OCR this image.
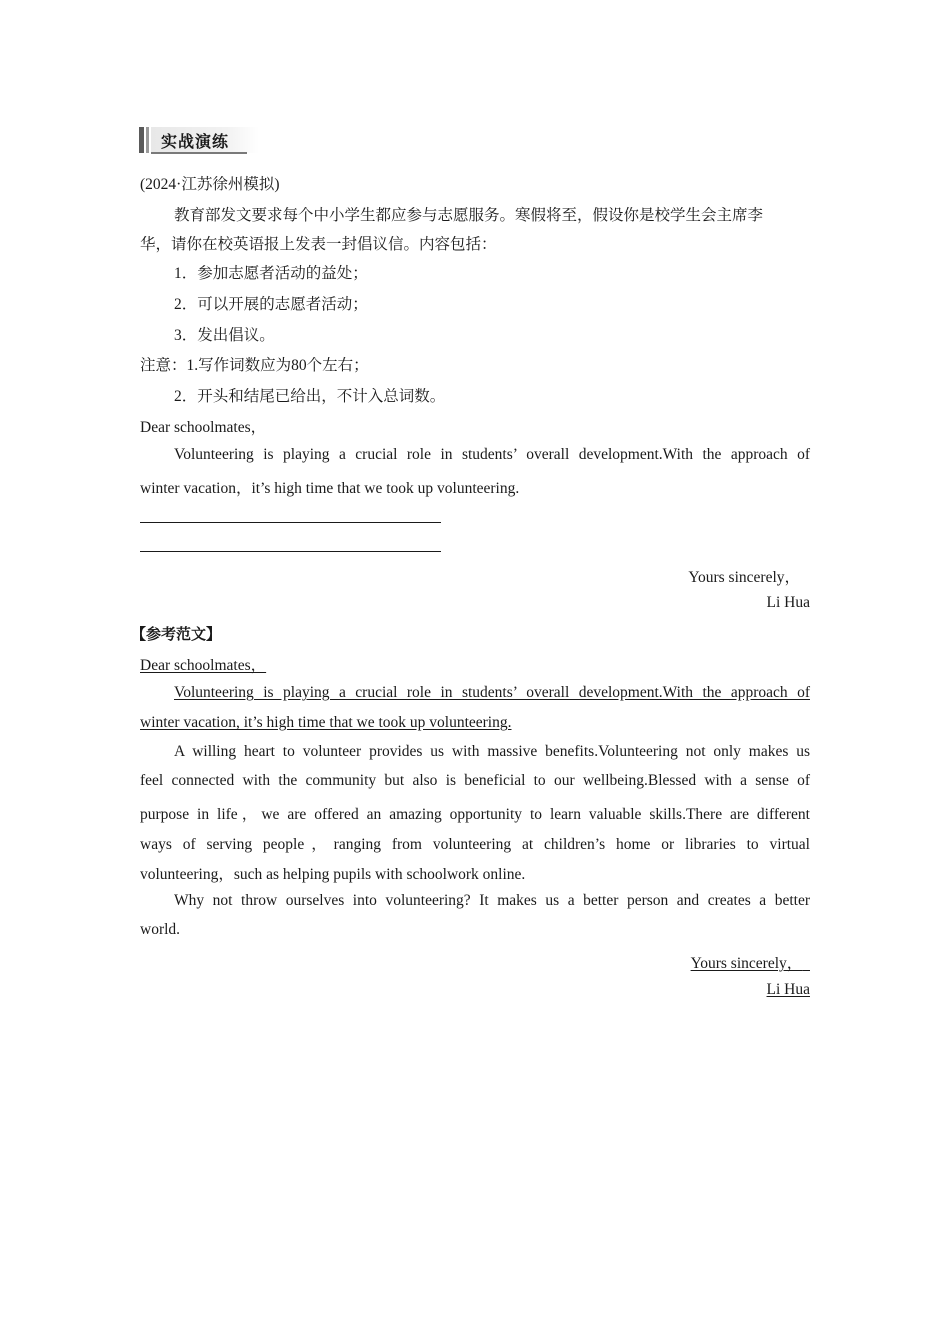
实战演练
(2024·江苏徐州模拟)
教育部发文要求每个中小学生都应参与志愿服务。寒假将至，假设你是校学生会主席李
华，请你在校英语报上发表一封倡议信。内容包括：
1．参加志愿者活动的益处；
2．可以开展的志愿者活动；
3．发出倡议。
注意：1.写作词数应为80个左右；
2．开头和结尾已给出，不计入总词数。
Dear schoolmates，
Volunteering is playing a crucial role in students’ overall development.With the approach of
winter vacation，it’s high time that we took up volunteering.
Yours sincerely，
Li Hua
【参考范文】
Dear schoolmates，
Volunteering is playing a crucial role in students’ overall development.With the approach of
winter vacation, it’s high time that we took up volunteering.
A willing heart to volunteer provides us with massive benefits.Volunteering not only makes us
feel connected with the community but also is beneficial to our wellbeing.Blessed with a sense of
purpose in life，we are offered an amazing opportunity to learn valuable skills.There are different
ways of serving people，ranging from volunteering at children’s home or libraries to virtual
volunteering，such as helping pupils with schoolwork online.
Why not throw ourselves into volunteering? It makes us a better person and creates a better
world.
Yours sincerely，
Li Hua
